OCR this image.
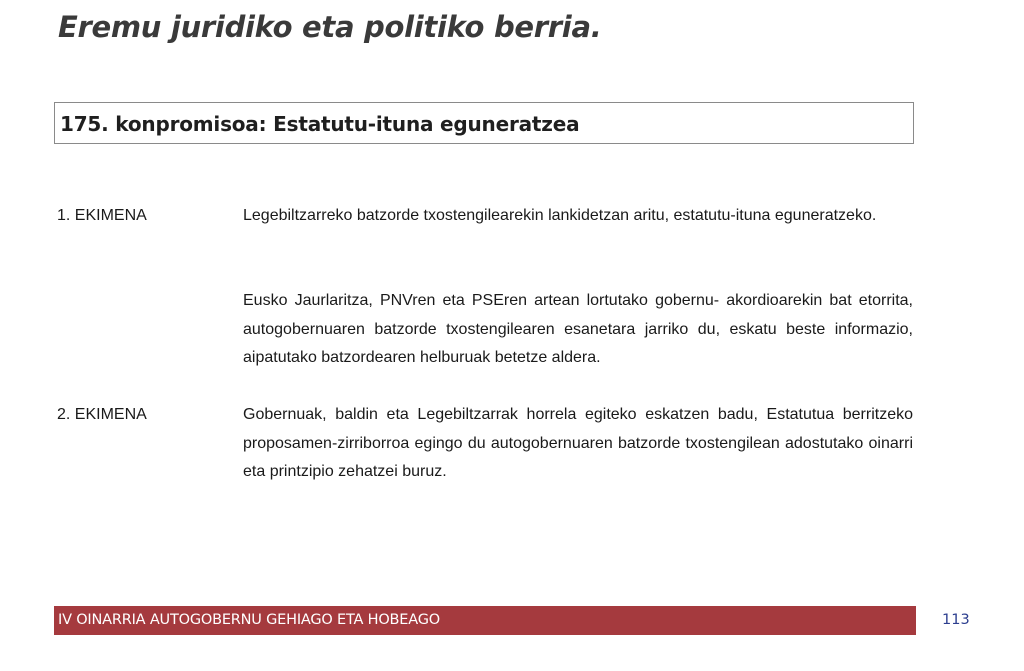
Eremu juridiko eta politiko berria.
175. konpromisoa: Estatutu-ituna eguneratzea
1. EKIMENA	Legebiltzarreko batzorde txostengilearekin lankidetzan aritu, estatutu-ituna eguneratzeko.
Eusko Jaurlaritza, PNVren eta PSEren artean lortutako gobernu‑ akordioarekin bat etorrita, autogobernuaren batzorde txostengilearen esanetara jarriko du, eskatu beste informazio, aipatutako batzordearen helburuak betetze aldera.
2. EKIMENA	Gobernuak, baldin eta Legebiltzarrak horrela egiteko eskatzen badu, Estatutua berritzeko proposamen-zirriborroa egingo du autogobernuaren batzorde txostengilean adostutako oinarri eta printzipio zehatzei buruz.
IV OINARRIA AUTOGOBERNU GEHIAGO ETA HOBEAGO	113
